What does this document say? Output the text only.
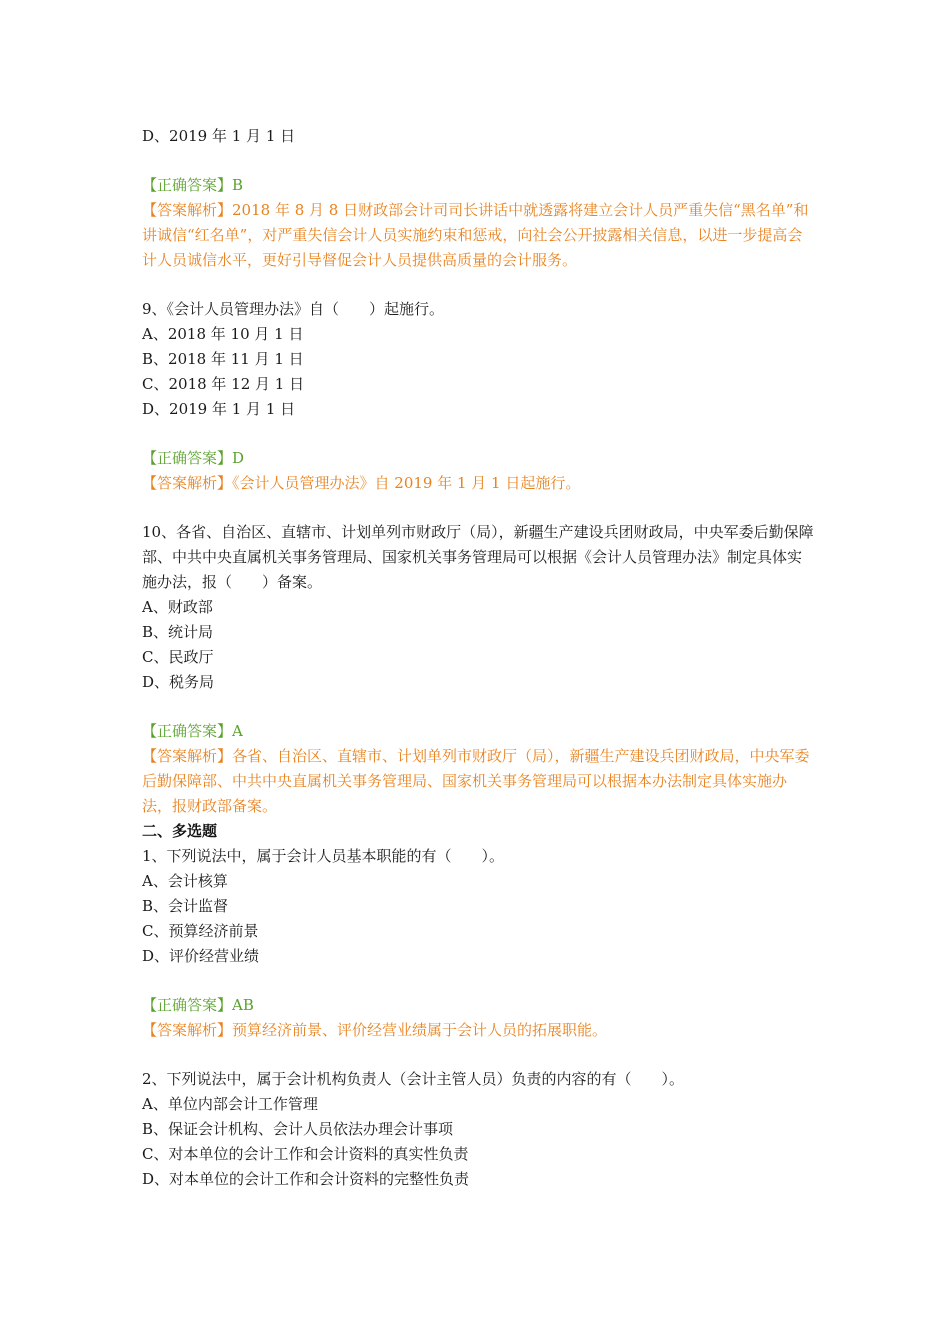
D、2019 年 1 月 1 日
【正确答案】B
【答案解析】2018 年 8 月 8 日财政部会计司司长讲话中就透露将建立会计人员严重失信“黑名单”和讲诚信“红名单”，对严重失信会计人员实施约束和惩戒，向社会公开披露相关信息，以进一步提高会计人员诚信水平，更好引导督促会计人员提供高质量的会计服务。
9、《会计人员管理办法》自（　　）起施行。
A、2018 年 10 月 1 日
B、2018 年 11 月 1 日
C、2018 年 12 月 1 日
D、2019 年 1 月 1 日
【正确答案】D
【答案解析】《会计人员管理办法》自 2019 年 1 月 1 日起施行。
10、各省、自治区、直辖市、计划单列市财政厅（局），新疆生产建设兵团财政局，中央军委后勤保障部、中共中央直属机关事务管理局、国家机关事务管理局可以根据《会计人员管理办法》制定具体实施办法，报（　　）备案。
A、财政部
B、统计局
C、民政厅
D、税务局
【正确答案】A
【答案解析】各省、自治区、直辖市、计划单列市财政厅（局），新疆生产建设兵团财政局，中央军委后勤保障部、中共中央直属机关事务管理局、国家机关事务管理局可以根据本办法制定具体实施办法，报财政部备案。
二、多选题
1、下列说法中，属于会计人员基本职能的有（　　）。
A、会计核算
B、会计监督
C、预算经济前景
D、评价经营业绩
【正确答案】AB
【答案解析】预算经济前景、评价经营业绩属于会计人员的拓展职能。
2、下列说法中，属于会计机构负责人（会计主管人员）负责的内容的有（　　）。
A、单位内部会计工作管理
B、保证会计机构、会计人员依法办理会计事项
C、对本单位的会计工作和会计资料的真实性负责
D、对本单位的会计工作和会计资料的完整性负责
